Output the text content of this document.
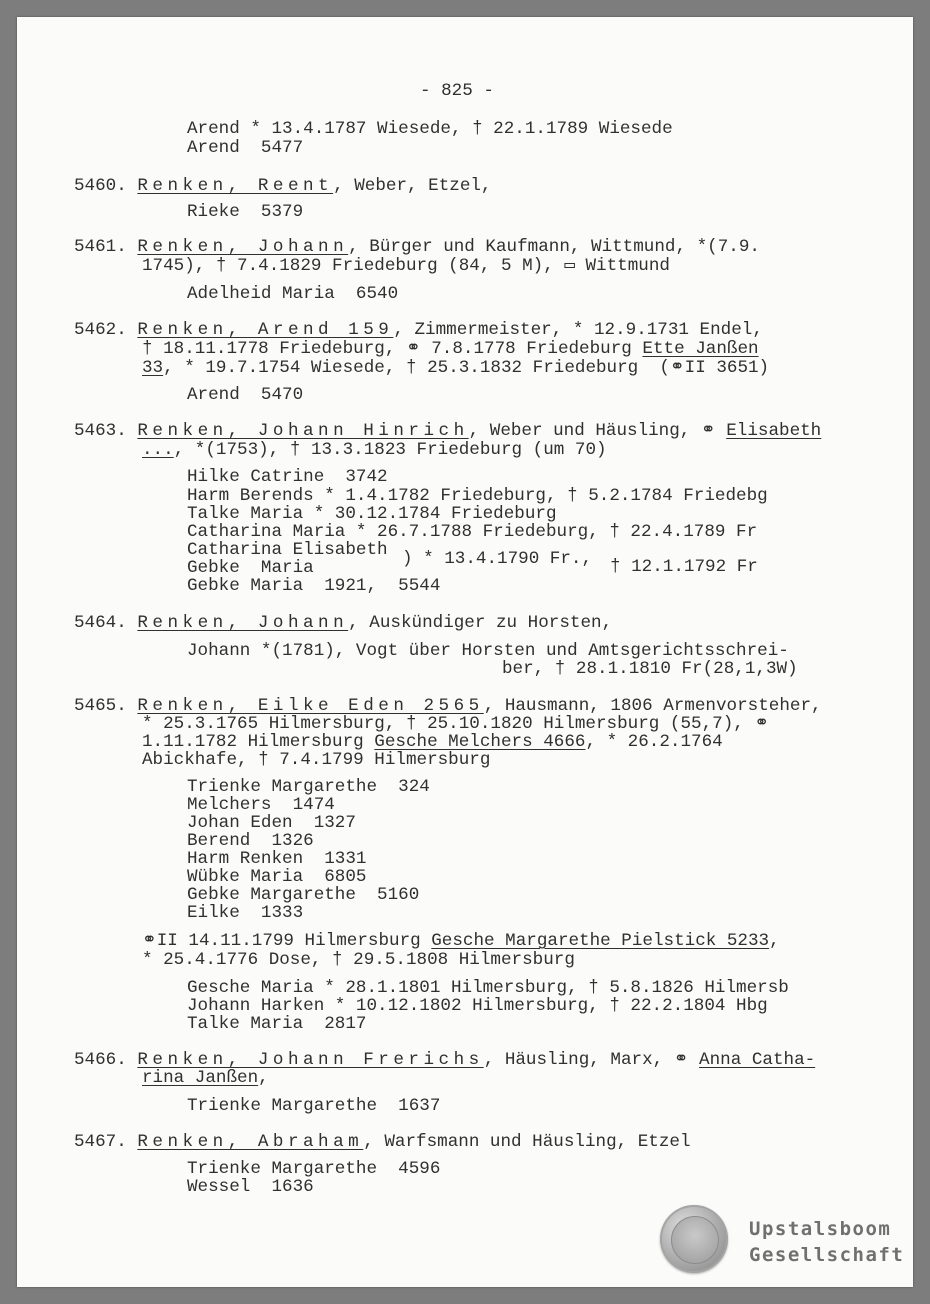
- 825 -

Arend * 13.4.1787 Wiesede, † 22.1.1789 Wiesede

Arend  5477

5460. Renken, Reent, Weber, Etzel,

Rieke  5379

5461. Renken, Johann, Bürger und Kaufmann, Wittmund, *(7.9.

1745), † 7.4.1829 Friedeburg (84, 5 M), ▭ Wittmund

Adelheid Maria  6540

5462. Renken, Arend 159, Zimmermeister, * 12.9.1731 Endel,

† 18.11.1778 Friedeburg, ⚭ 7.8.1778 Friedeburg Ette Janßen

33, * 19.7.1754 Wiesede, † 25.3.1832 Friedeburg  (⚭II 3651)

Arend  5470

5463. Renken, Johann Hinrich, Weber und Häusling, ⚭ Elisabeth

..., *(1753), † 13.3.1823 Friedeburg (um 70)

Hilke Catrine  3742

Harm Berends * 1.4.1782 Friedeburg, † 5.2.1784 Friedebg

Talke Maria * 30.12.1784 Friedeburg

Catharina Maria * 26.7.1788 Friedeburg, † 22.4.1789 Fr

Catharina Elisabeth ) * 13.4.1790 Fr., † 12.1.1792 Fr

Gebke  Maria

Gebke Maria  1921,  5544

5464. Renken, Johann, Auskündiger zu Horsten,

Johann *(1781), Vogt über Horsten und Amtsgerichtsschrei-

ber, † 28.1.1810 Fr(28,1,3W)

5465. Renken, Eilke Eden 2565, Hausmann, 1806 Armenvorsteher,

* 25.3.1765 Hilmersburg, † 25.10.1820 Hilmersburg (55,7), ⚭

1.11.1782 Hilmersburg Gesche Melchers 4666, * 26.2.1764

Abickhafe, † 7.4.1799 Hilmersburg

Trienke Margarethe  324

Melchers  1474

Johan Eden  1327

Berend  1326

Harm Renken  1331

Wübke Maria  6805

Gebke Margarethe  5160

Eilke  1333

⚭II 14.11.1799 Hilmersburg Gesche Margarethe Pielstick 5233,

* 25.4.1776 Dose, † 29.5.1808 Hilmersburg

Gesche Maria * 28.1.1801 Hilmersburg, † 5.8.1826 Hilmersb

Johann Harken * 10.12.1802 Hilmersburg, † 22.2.1804 Hbg

Talke Maria  2817

5466. Renken, Johann Frerichs, Häusling, Marx, ⚭ Anna Catha-

rina Janßen,

Trienke Margarethe  1637

5467. Renken, Abraham, Warfsmann und Häusling, Etzel

Trienke Margarethe  4596

Wessel  1636

Upstalsboom

Gesellschaft
